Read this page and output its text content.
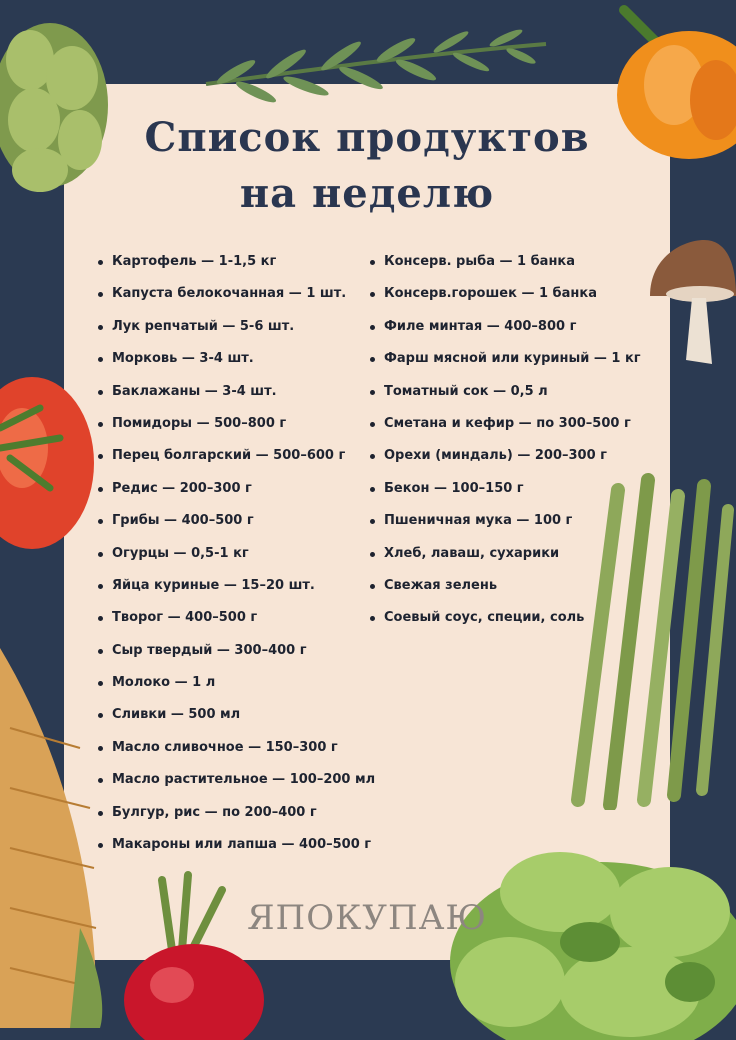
Список продуктов
на неделю
Картофель — 1-1,5 кг
Капуста белокочанная — 1 шт.
Лук репчатый — 5-6 шт.
Морковь — 3-4 шт.
Баклажаны — 3-4 шт.
Помидоры — 500–800 г
Перец болгарский — 500–600 г
Редис — 200–300 г
Грибы — 400–500 г
Огурцы — 0,5-1 кг
Яйца куриные — 15–20 шт.
Творог — 400–500 г
Сыр твердый — 300–400 г
Молоко — 1 л
Сливки — 500 мл
Масло сливочное — 150–300 г
Масло растительное — 100–200 мл
Булгур, рис — по 200–400 г
Макароны или лапша — 400–500 г
Консерв. рыба — 1 банка
Консерв.горошек — 1 банка
Филе минтая — 400–800 г
Фарш мясной или куриный — 1 кг
Томатный сок — 0,5 л
Сметана и кефир — по 300–500 г
Орехи (миндаль) — 200–300 г
Бекон — 100–150 г
Пшеничная мука — 100 г
Хлеб, лаваш, сухарики
Свежая зелень
Соевый соус, специи, соль
ЯПОКУПАЮ
